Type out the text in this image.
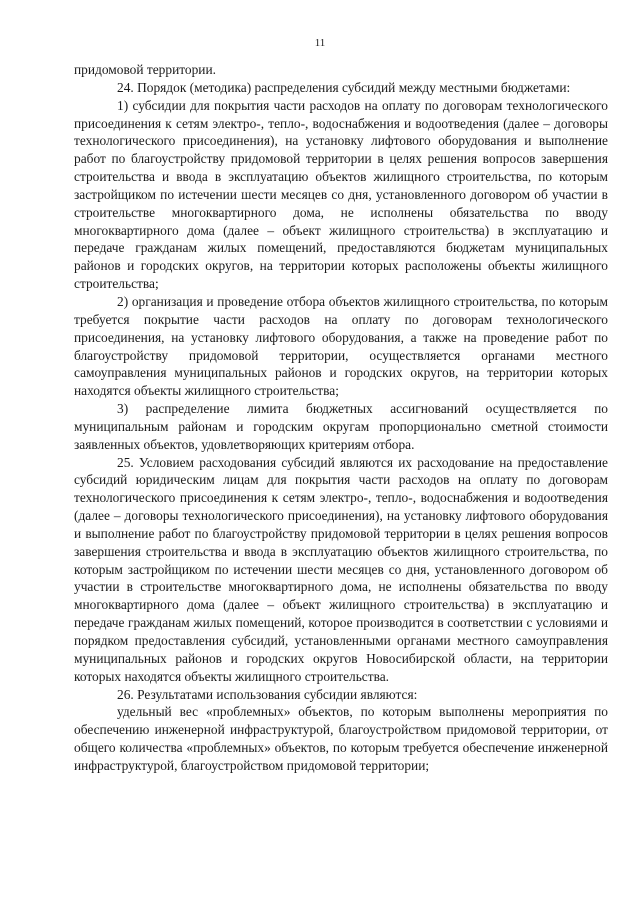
11

придомовой территории.

24. Порядок (методика) распределения субсидий между местными бюджетами:

1) субсидии для покрытия части расходов на оплату по договорам технологического присоединения к сетям электро-, тепло-, водоснабжения и водоотведения (далее – договоры технологического присоединения), на установку лифтового оборудования и выполнение работ по благоустройству придомовой территории в целях решения вопросов завершения строительства и ввода в эксплуатацию объектов жилищного строительства, по которым застройщиком по истечении шести месяцев со дня, установленного договором об участии в строительстве многоквартирного дома, не исполнены обязательства по вводу многоквартирного дома (далее – объект жилищного строительства) в эксплуатацию и передаче гражданам жилых помещений, предоставляются бюджетам муниципальных районов и городских округов, на территории которых расположены объекты жилищного строительства;

2) организация и проведение отбора объектов жилищного строительства, по которым требуется покрытие части расходов на оплату по договорам технологического присоединения, на установку лифтового оборудования, а также на проведение работ по благоустройству придомовой территории, осуществляется органами местного самоуправления муниципальных районов и городских округов, на территории которых находятся объекты жилищного строительства;

3) распределение лимита бюджетных ассигнований осуществляется по муниципальным районам и городским округам пропорционально сметной стоимости заявленных объектов, удовлетворяющих критериям отбора.

25. Условием расходования субсидий являются их расходование на предоставление субсидий юридическим лицам для покрытия части расходов на оплату по договорам технологического присоединения к сетям электро-, тепло-, водоснабжения и водоотведения (далее – договоры технологического присоединения), на установку лифтового оборудования и выполнение работ по благоустройству придомовой территории в целях решения вопросов завершения строительства и ввода в эксплуатацию объектов жилищного строительства, по которым застройщиком по истечении шести месяцев со дня, установленного договором об участии в строительстве многоквартирного дома, не исполнены обязательства по вводу многоквартирного дома (далее – объект жилищного строительства) в эксплуатацию и передаче гражданам жилых помещений, которое производится в соответствии с условиями и порядком предоставления субсидий, установленными органами местного самоуправления муниципальных районов и городских округов Новосибирской области, на территории которых находятся объекты жилищного строительства.

26. Результатами использования субсидии являются:

удельный вес «проблемных» объектов, по которым выполнены мероприятия по обеспечению инженерной инфраструктурой, благоустройством придомовой территории, от общего количества «проблемных» объектов, по которым требуется обеспечение инженерной инфраструктурой, благоустройством придомовой территории;
